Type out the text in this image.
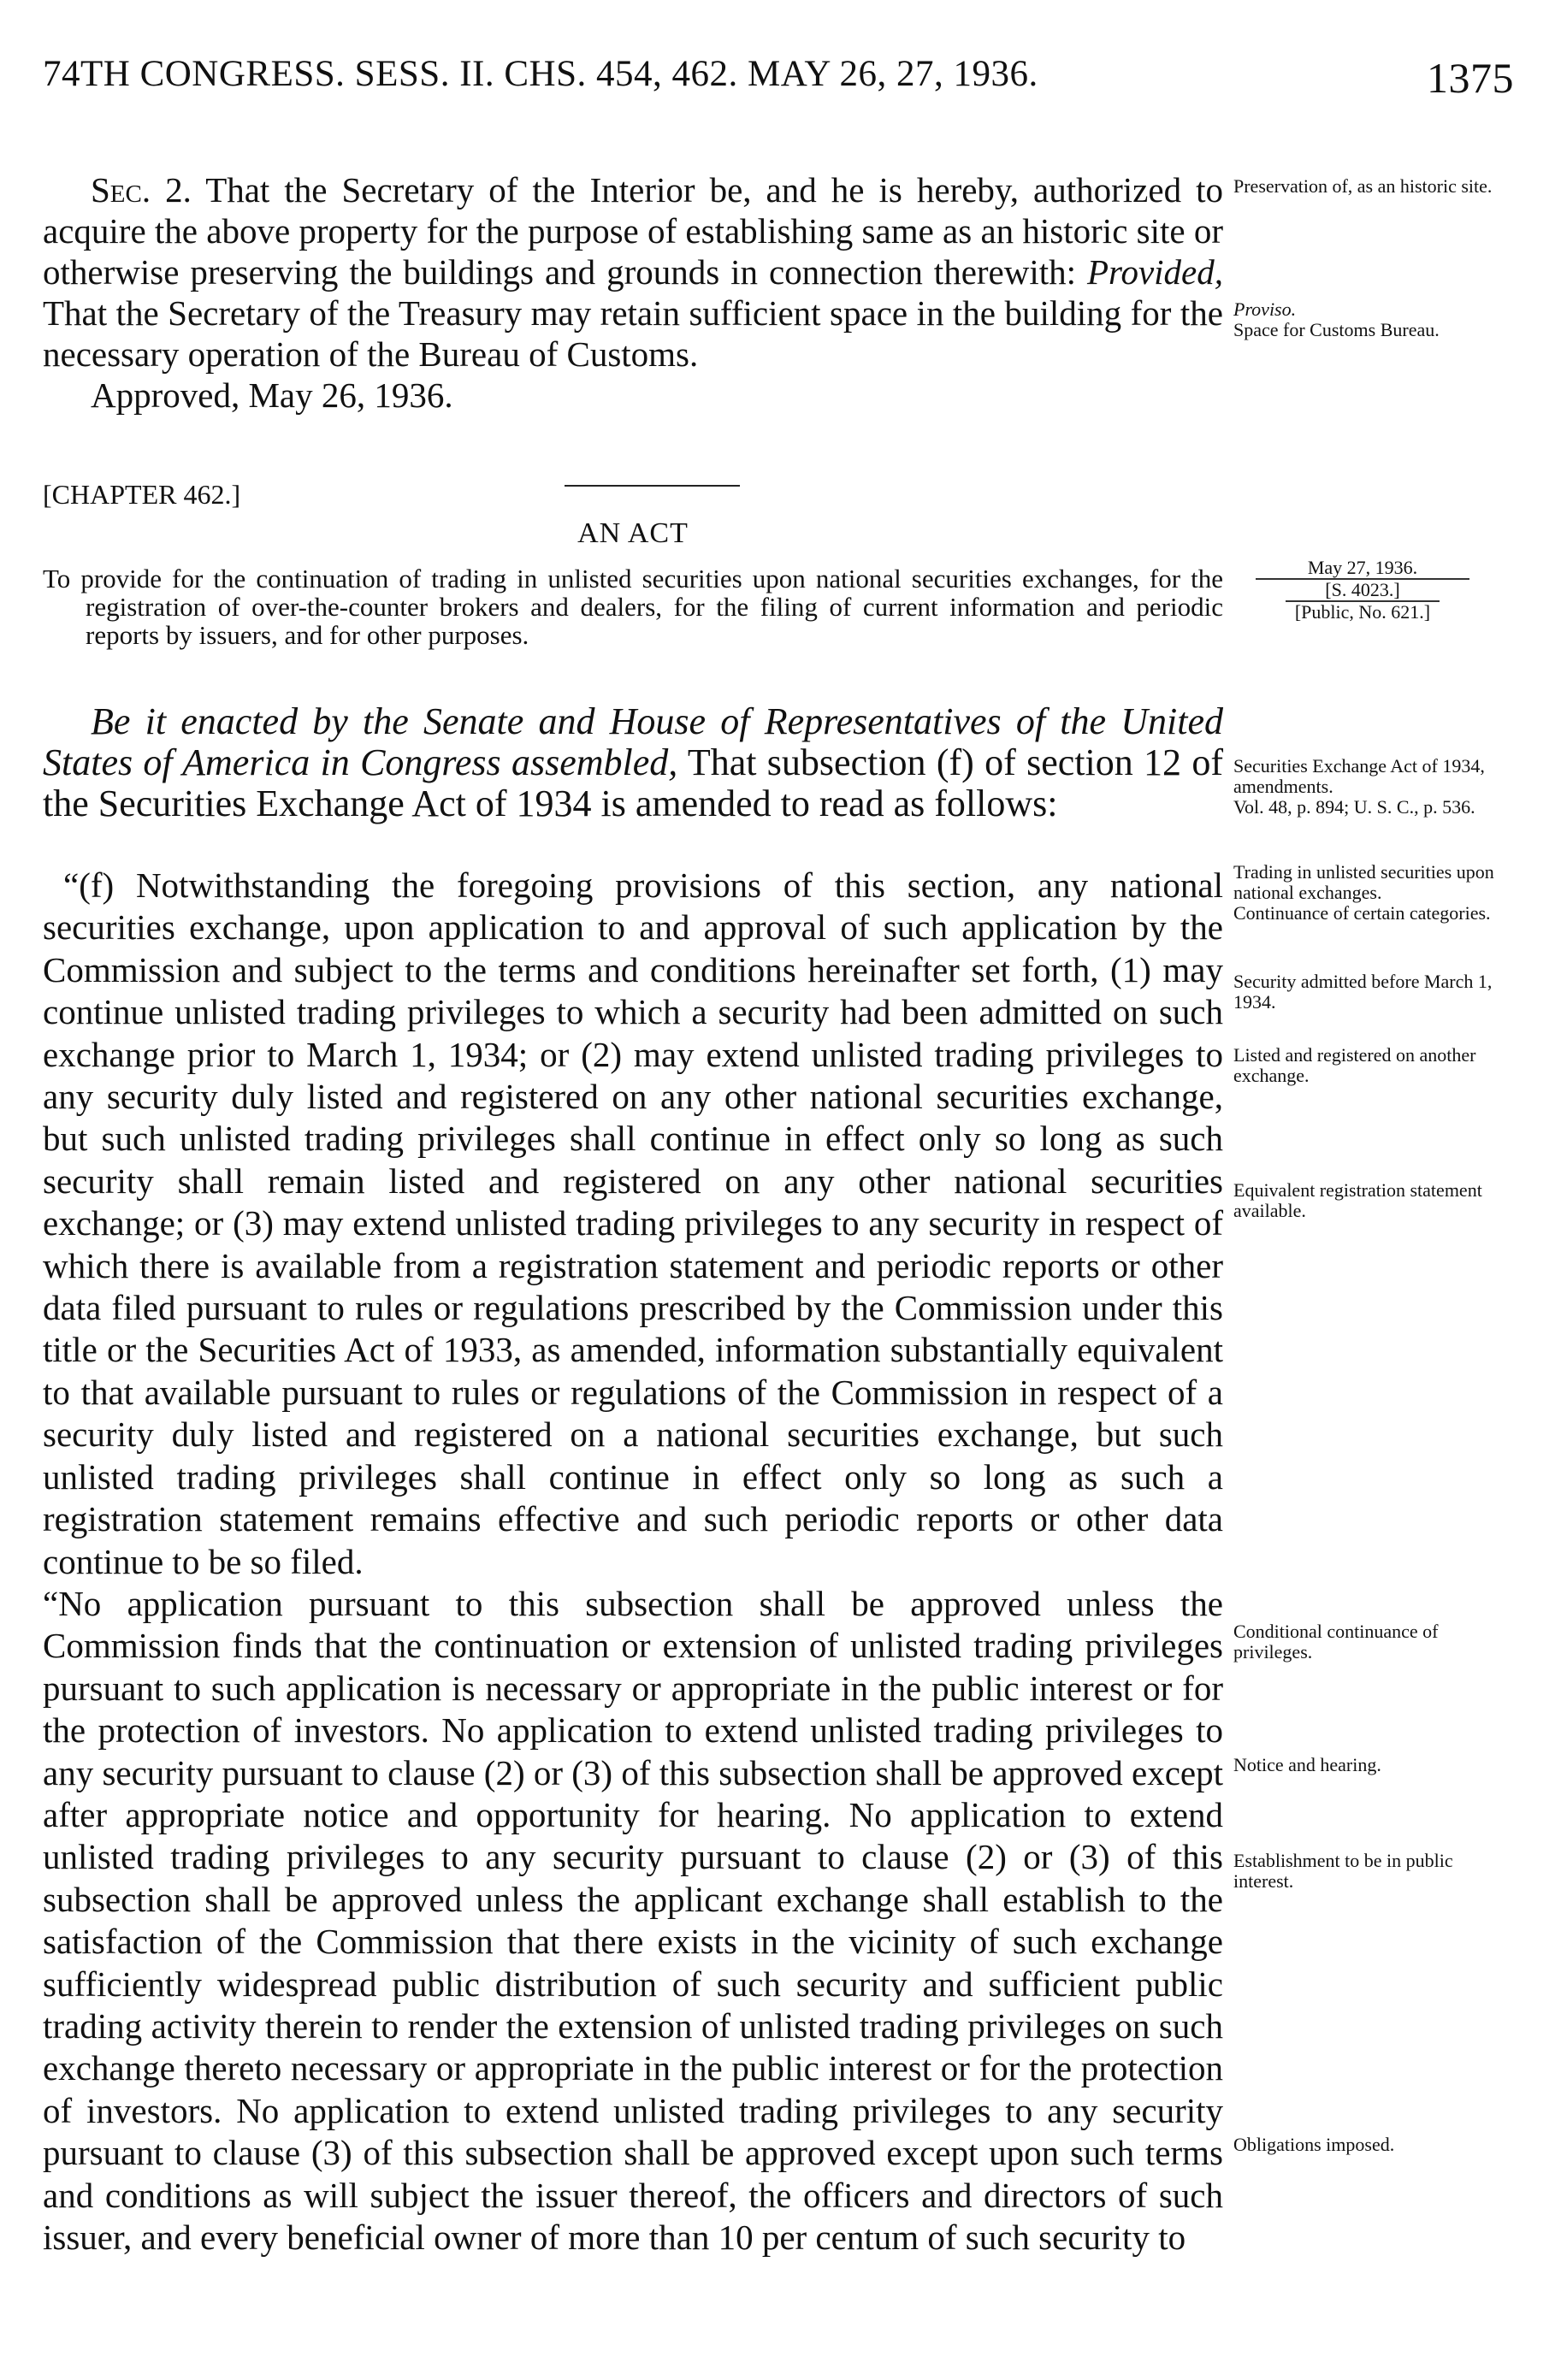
74TH CONGRESS. SESS. II. CHS. 454, 462. MAY 26, 27, 1936.	1375

Sec. 2. That the Secretary of the Interior be, and he is hereby, authorized to acquire the above property for the purpose of establishing same as an historic site or otherwise preserving the buildings and grounds in connection therewith: Provided, That the Secretary of the Treasury may retain sufficient space in the building for the necessary operation of the Bureau of Customs.

Approved, May 26, 1936.

Preservation of, as an historic site.
Proviso.
Space for Customs Bureau.
[CHAPTER 462.]
AN ACT

To provide for the continuation of trading in unlisted securities upon national securities exchanges, for the registration of over-the-counter brokers and dealers, for the filing of current information and periodic reports by issuers, and for other purposes.

May 27, 1936.
[S. 4023.]
[Public, No. 621.]

Be it enacted by the Senate and House of Representatives of the United States of America in Congress assembled, That subsection (f) of section 12 of the Securities Exchange Act of 1934 is amended to read as follows:

“(f) Notwithstanding the foregoing provisions of this section, any national securities exchange, upon application to and approval of such application by the Commission and subject to the terms and conditions hereinafter set forth, (1) may continue unlisted trading privileges to which a security had been admitted on such exchange prior to March 1, 1934; or (2) may extend unlisted trading privileges to any security duly listed and registered on any other national securities exchange, but such unlisted trading privileges shall continue in effect only so long as such security shall remain listed and registered on any other national securities exchange; or (3) may extend unlisted trading privileges to any security in respect of which there is available from a registration statement and periodic reports or other data filed pursuant to rules or regulations prescribed by the Commission under this title or the Securities Act of 1933, as amended, information substantially equivalent to that available pursuant to rules or regulations of the Commission in respect of a security duly listed and registered on a national securities exchange, but such unlisted trading privileges shall continue in effect only so long as such a registration statement remains effective and such periodic reports or other data continue to be so filed.

“No application pursuant to this subsection shall be approved unless the Commission finds that the continuation or extension of unlisted trading privileges pursuant to such application is necessary or appropriate in the public interest or for the protection of investors. No application to extend unlisted trading privileges to any security pursuant to clause (2) or (3) of this subsection shall be approved except after appropriate notice and opportunity for hearing. No application to extend unlisted trading privileges to any security pursuant to clause (2) or (3) of this subsection shall be approved unless the applicant exchange shall establish to the satisfaction of the Commission that there exists in the vicinity of such exchange sufficiently widespread public distribution of such security and sufficient public trading activity therein to render the extension of unlisted trading privileges on such exchange thereto necessary or appropriate in the public interest or for the protection of investors. No application to extend unlisted trading privileges to any security pursuant to clause (3) of this subsection shall be approved except upon such terms and conditions as will subject the issuer thereof, the officers and directors of such issuer, and every beneficial owner of more than 10 per centum of such security to

Securities Exchange Act of 1934, amendments.
Vol. 48, p. 894; U. S. C., p. 536.
Trading in unlisted securities upon national exchanges.
Continuance of certain categories.
Security admitted before March 1, 1934.
Listed and registered on another exchange.
Equivalent registration statement available.
Conditional continuance of privileges.
Notice and hearing.
Establishment to be in public interest.
Obligations imposed.
